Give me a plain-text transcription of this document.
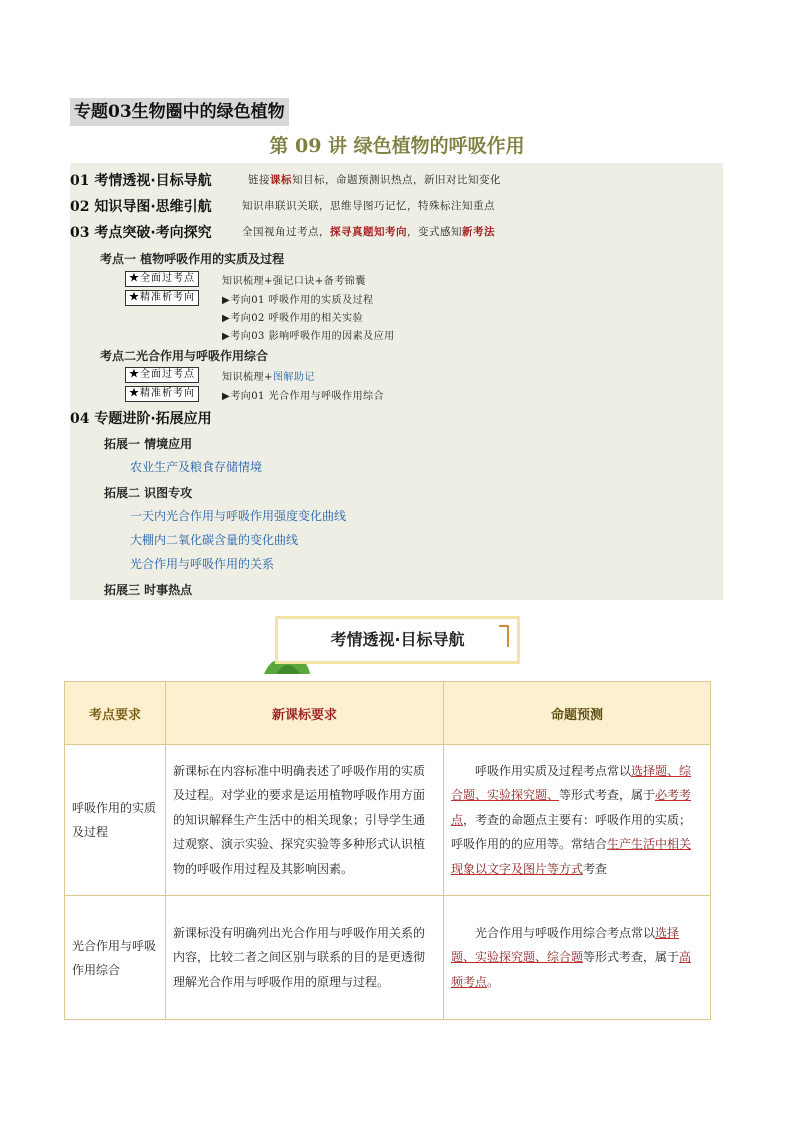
专题03生物圈中的绿色植物
第 09 讲 绿色植物的呼吸作用
01 考情透视·目标导航	链接课标知目标，命题预测识热点，新旧对比知变化
02 知识导图·思维引航	知识串联识关联，思维导图巧记忆，特殊标注知重点
03 考点突破·考向探究	全国视角过考点，探寻真题知考向，变式感知新考法
考点一 植物呼吸作用的实质及过程
★全面过考点	知识梳理+强记口诀+备考锦囊
★精准析考向	▶考向01 呼吸作用的实质及过程
▶考向02 呼吸作用的相关实验
▶考向03 影响呼吸作用的因素及应用
考点二光合作用与呼吸作用综合
★全面过考点	知识梳理+图解助记
★精准析考向	▶考向01 光合作用与呼吸作用综合
04 专题进阶·拓展应用
拓展一 情境应用
农业生产及粮食存储情境
拓展二 识图专攻
一天内光合作用与呼吸作用强度变化曲线
大棚内二氧化碳含量的变化曲线
光合作用与呼吸作用的关系
拓展三 时事热点
考情透视·目标导航
考点要求	新课标要求	命题预测
呼吸作用的实质及过程	新课标在内容标准中明确表述了呼吸作用的实质及过程。对学业的要求是运用植物呼吸作用方面的知识解释生产生活中的相关现象；引导学生通过观察、演示实验、探究实验等多种形式认识植物的呼吸作用过程及其影响因素。	呼吸作用实质及过程考点常以选择题、综合题、实验探究题、等形式考查，属于必考考点，考查的命题点主要有：呼吸作用的实质；呼吸作用的的应用等。常结合生产生活中相关现象以文字及图片等方式考查
光合作用与呼吸作用综合	新课标没有明确列出光合作用与呼吸作用关系的内容，比较二者之间区别与联系的目的是更透彻理解光合作用与呼吸作用的原理与过程。	光合作用与呼吸作用综合考点常以选择题、实验探究题、综合题等形式考查，属于高频考点。
